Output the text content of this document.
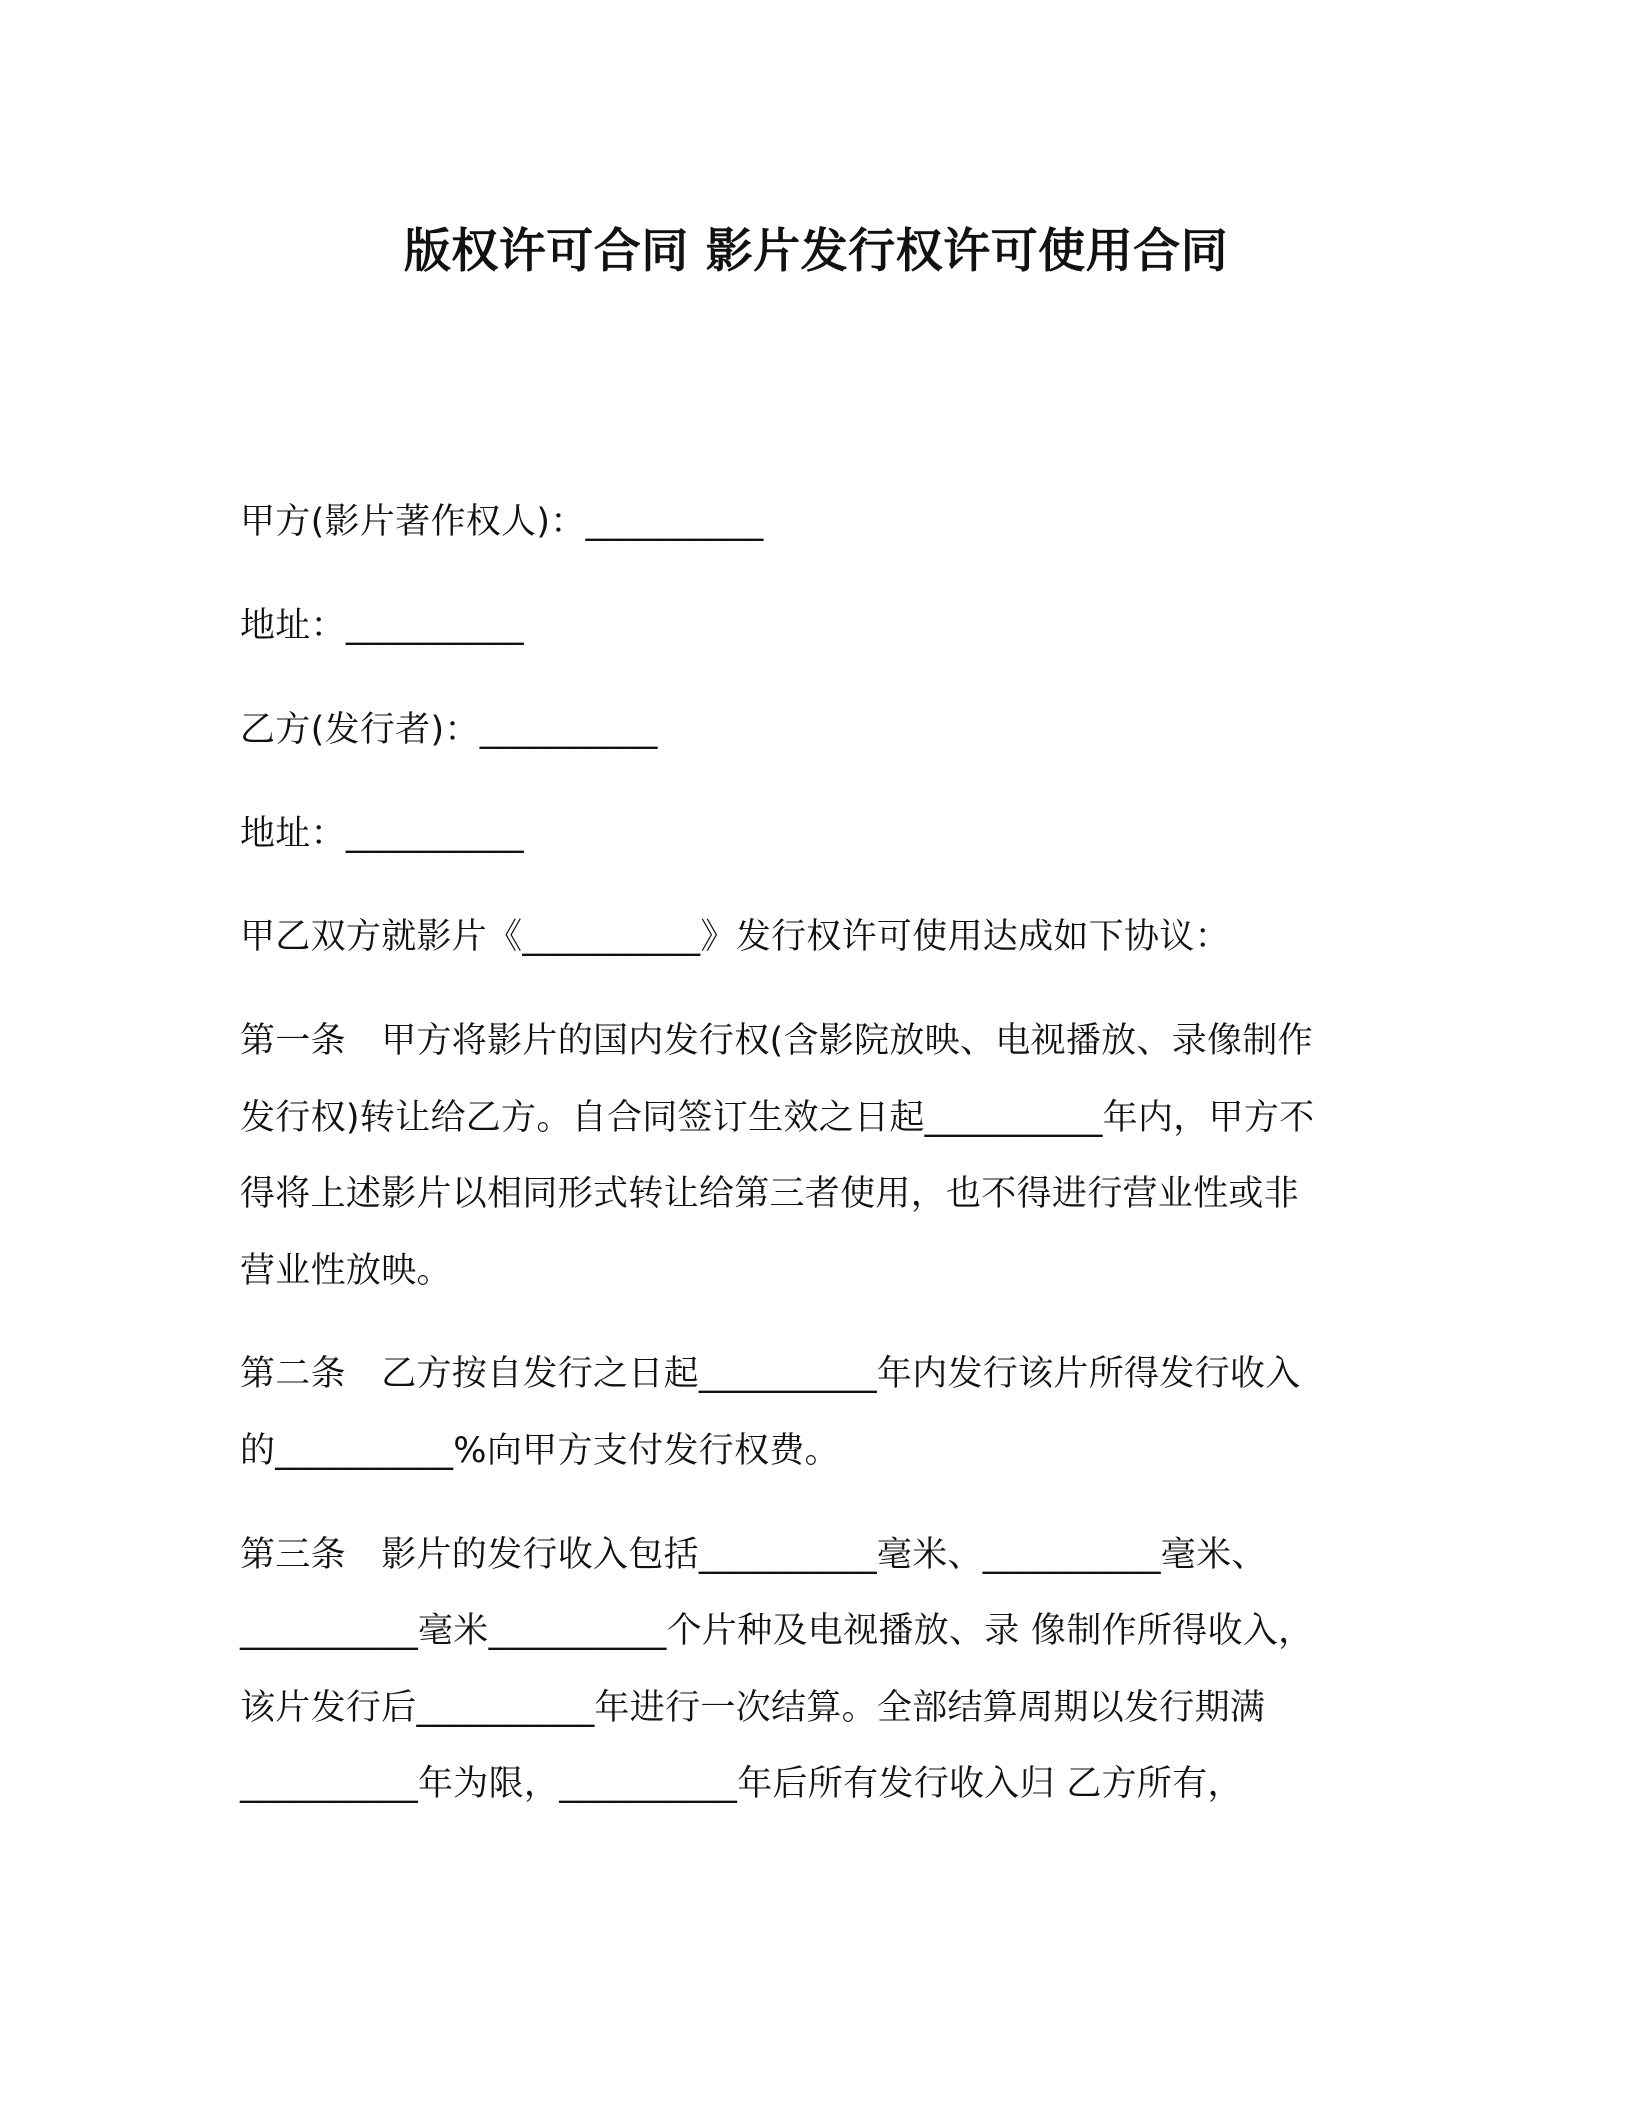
版权许可合同 影片发行权许可使用合同
甲方(影片著作权人)：__________
地址：__________
乙方(发行者)：__________
地址：__________
甲乙双方就影片《__________》发行权许可使用达成如下协议：
第一条　甲方将影片的国内发行权(含影院放映、电视播放、录像制作
发行权)转让给乙方。自合同签订生效之日起__________年内，甲方不
得将上述影片以相同形式转让给第三者使用，也不得进行营业性或非
营业性放映。
第二条　乙方按自发行之日起__________年内发行该片所得发行收入
的__________%向甲方支付发行权费。
第三条　影片的发行收入包括__________毫米、__________毫米、
__________毫米__________个片种及电视播放、录 像制作所得收入，
该片发行后__________年进行一次结算。全部结算周期以发行期满
__________年为限，__________年后所有发行收入归 乙方所有，
